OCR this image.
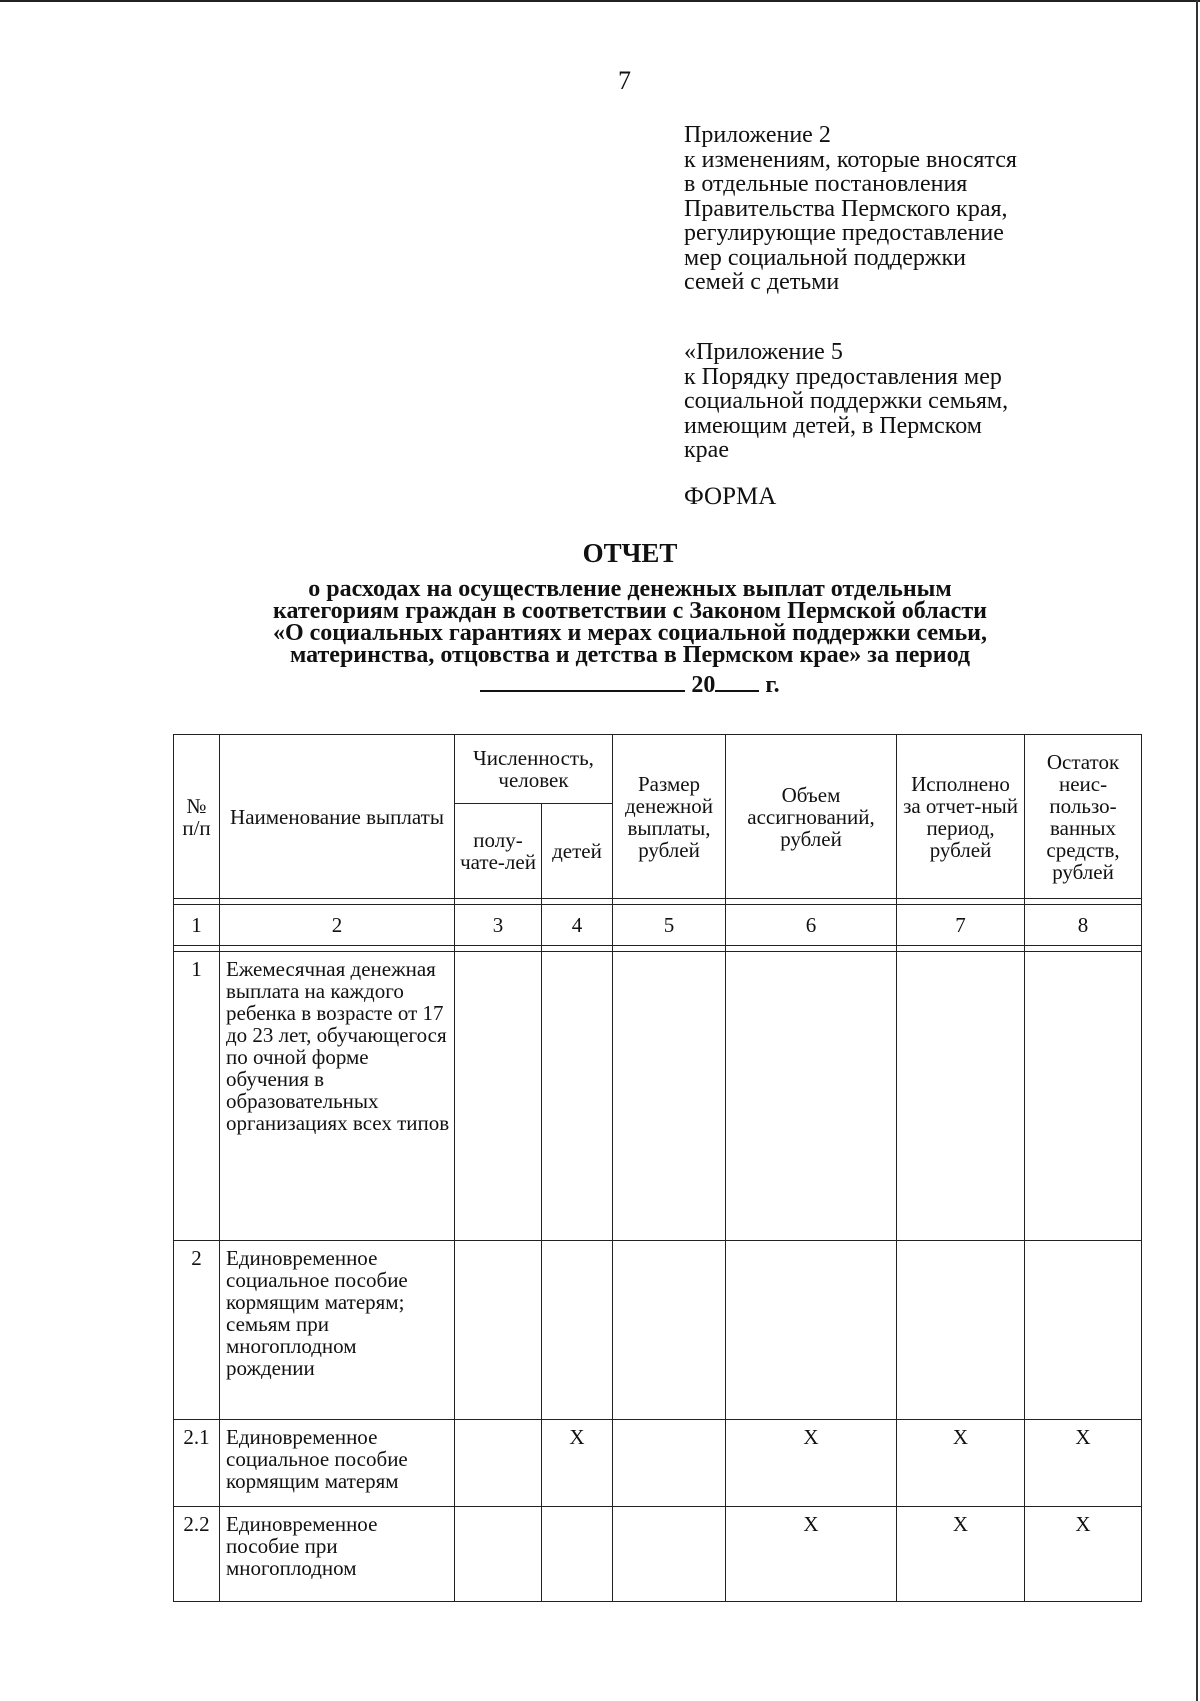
7
Приложение 2
к изменениям, которые вносятся
в отдельные постановления
Правительства Пермского края,
регулирующие предоставление
мер социальной поддержки
семей с детьми
«Приложение 5
к Порядку предоставления мер
социальной поддержки семьям,
имеющим детей, в Пермском
крае
ФОРМА
ОТЧЕТ
о расходах на осуществление денежных выплат отдельным
категориям граждан в соответствии с Законом Пермской области
«О социальных гарантиях и мерах социальной поддержки семьи,
материнства, отцовства и детства в Пермском крае» за период
20 г.
№ п/п	Наименование выплаты	Численность, человек		Размер денежной выплаты, рублей	Объем ассигнований, рублей	Исполнено за отчет-ный период, рублей	Остаток неис-пользо-ванных средств, рублей
		полу-чате-лей	детей				

1	2	3	4	5	6	7	8

1	Ежемесячная денежная выплата на каждого ребенка в возрасте от 17 до 23 лет, обучающегося по очной форме обучения в образовательных организациях всех типов						
2	Единовременное социальное пособие кормящим матерям; семьям при многоплодном рождении						
2.1	Единовременное социальное пособие кормящим матерям		X		X	X	X
2.2	Единовременное пособие при многоплодном				X	X	X
